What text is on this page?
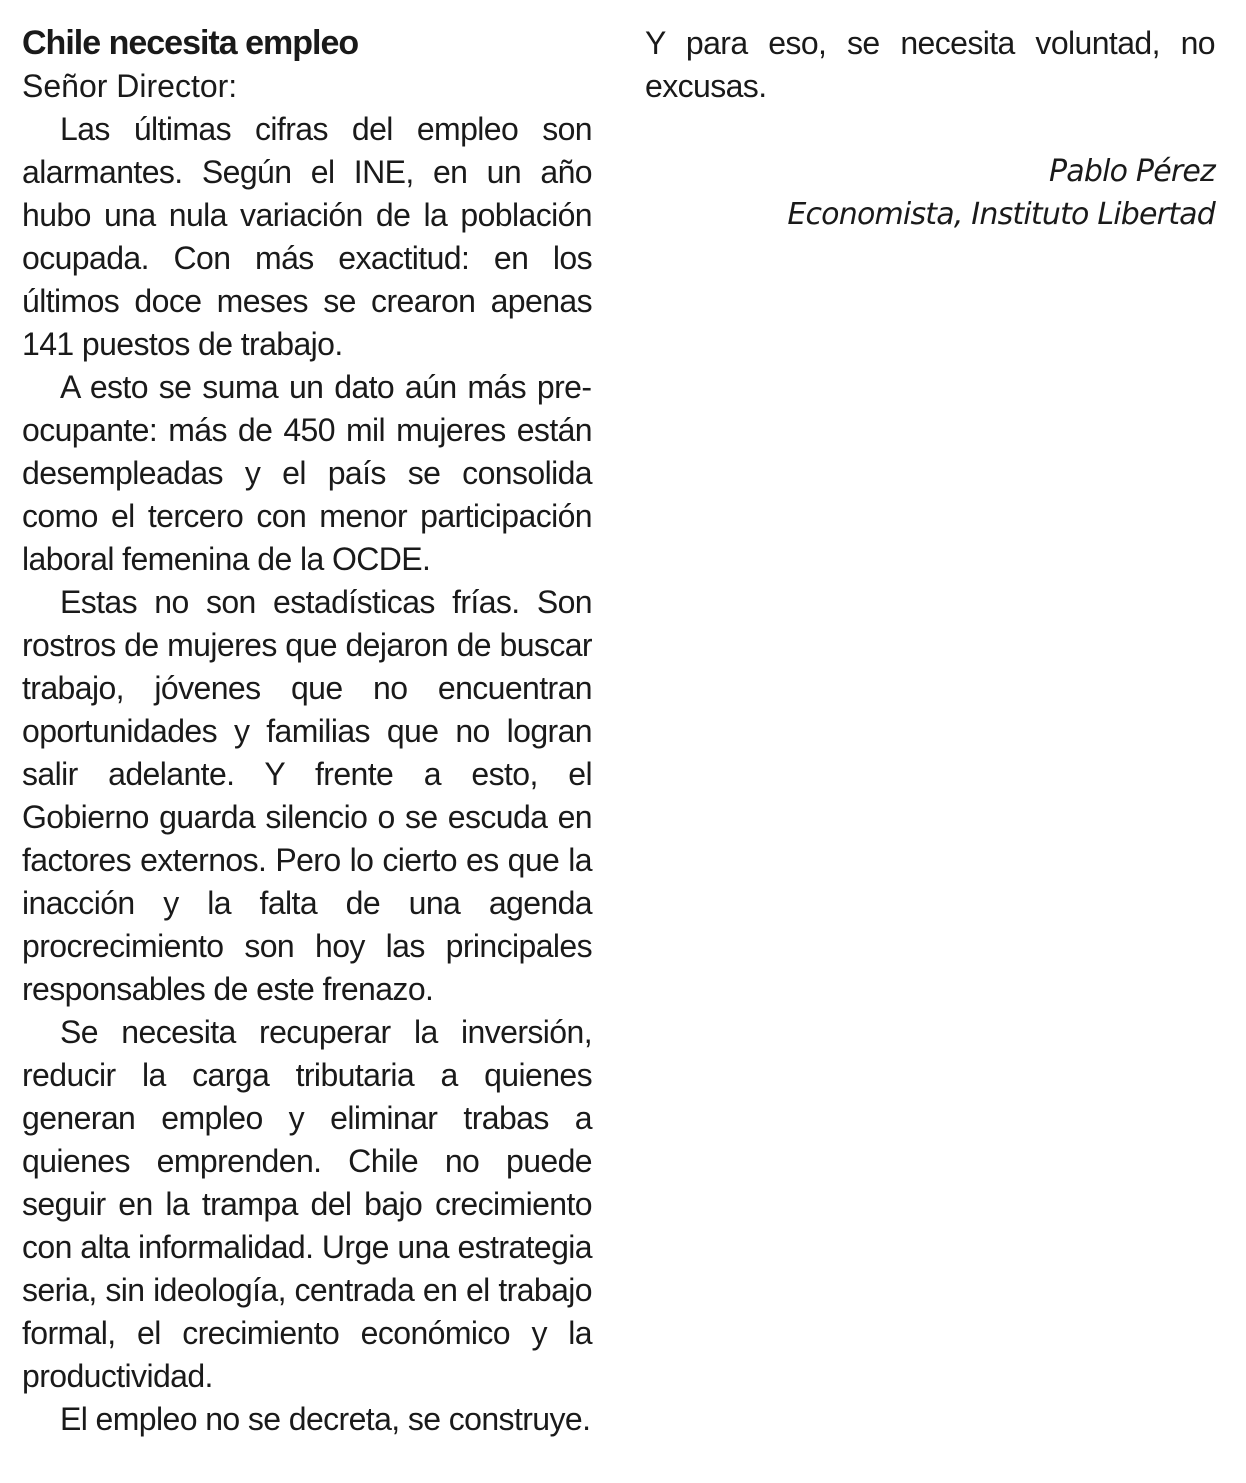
Chile necesita empleo

Señor Director:

Las últimas cifras del empleo son alarmantes. Según el INE, en un año hubo una nula variación de la población ocupada. Con más exactitud: en los últimos doce meses se crearon apenas 141 puestos de trabajo.

A esto se suma un dato aún más preocupante: más de 450 mil mujeres están desempleadas y el país se consolida como el tercero con menor participación laboral femenina de la OCDE.

Estas no son estadísticas frías. Son rostros de mujeres que dejaron de buscar trabajo, jóvenes que no encuentran oportunidades y familias que no logran salir adelante. Y frente a esto, el Gobierno guarda silencio o se escuda en factores externos. Pero lo cierto es que la inacción y la falta de una agenda procrecimiento son hoy las principales responsables de este frenazo.

Se necesita recuperar la inversión, reducir la carga tributaria a quienes generan empleo y eliminar trabas a quienes emprenden. Chile no puede seguir en la trampa del bajo crecimiento con alta informalidad. Urge una estrategia seria, sin ideología, centrada en el trabajo formal, el crecimiento económico y la productividad.

El empleo no se decreta, se construye.

Y para eso, se necesita voluntad, no excusas.

Pablo Pérez
Economista, Instituto Libertad
